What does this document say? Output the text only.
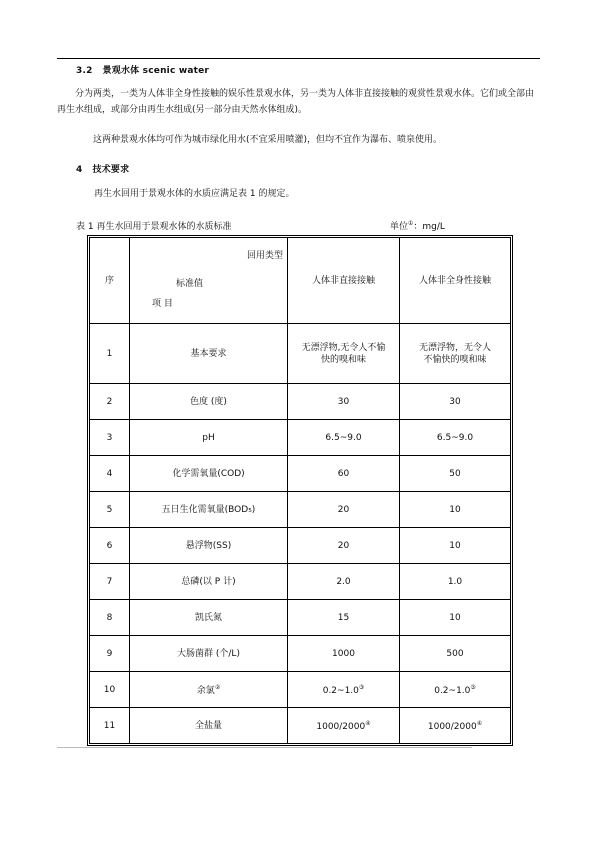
3.2 景观水体 scenic water
分为两类，一类为人体非全身性接触的娱乐性景观水体，另一类为人体非直接接触的观赏性景观水体。它们或全部由再生水组成，或部分由再生水组成(另一部分由天然水体组成)。
这两种景观水体均可作为城市绿化用水(不宜采用喷灌)，但均不宜作为瀑布、喷泉使用。
4 技术要求
再生水回用于景观水体的水质应满足表 1 的规定。
表 1 再生水回用于景观水体的水质标准	单位①：mg/L
序	回用类型
标准值
项 目	人体非直接接触	人体非全身性接触
1	基本要求	无漂浮物,无令人不愉快的嗅和味	无漂浮物，无令人不愉快的嗅和味
2	色度 (度)	30	30
3	pH	6.5~9.0	6.5~9.0
4	化学需氧量(COD)	60	50
5	五日生化需氧量(BOD₅)	20	10
6	悬浮物(SS)	20	10
7	总磷(以 P 计)	2.0	1.0
8	凯氏氮	15	10
9	大肠菌群 (个/L)	1000	500
10	余氯②	0.2~1.0③	0.2~1.0③
11	全盐量	1000/2000④	1000/2000④
